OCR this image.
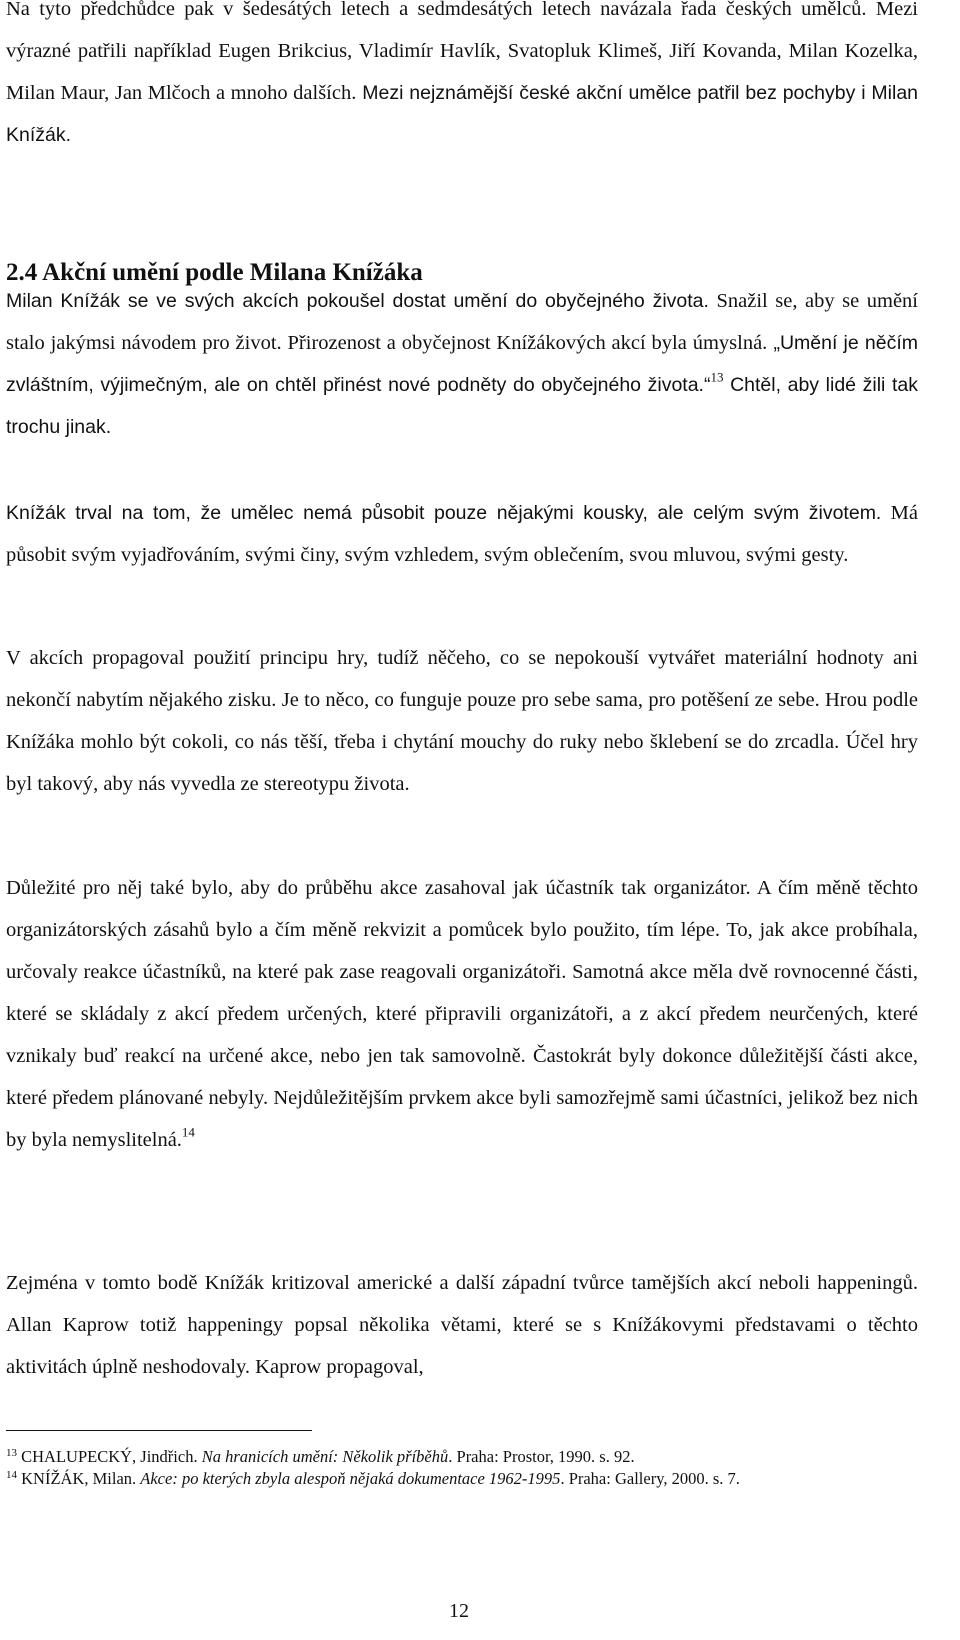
Na tyto předchůdce pak v šedesátých letech a sedmdesátých letech navázala řada českých umělců. Mezi výrazné patřili například Eugen Brikcius, Vladimír Havlík, Svatopluk Klimeš, Jiří Kovanda, Milan Kozelka, Milan Maur, Jan Mlčoch a mnoho dalších. Mezi nejznámější české akční umělce patřil bez pochyby i Milan Knížák.

2.4 Akční umění podle Milana Knížáka

Milan Knížák se ve svých akcích pokoušel dostat umění do obyčejného života. Snažil se, aby se umění stalo jakýmsi návodem pro život. Přirozenost a obyčejnost Knížákových akcí byla úmyslná. „Umění je něčím zvláštním, výjimečným, ale on chtěl přinést nové podněty do obyčejného života.“$^{13}$ Chtěl, aby lidé žili tak trochu jinak.

Knížák trval na tom, že umělec nemá působit pouze nějakými kousky, ale celým svým životem. Má působit svým vyjadřováním, svými činy, svým vzhledem, svým oblečením, svou mluvou, svými gesty.

V akcích propagoval použití principu hry, tudíž něčeho, co se nepokouší vytvářet materiální hodnoty ani nekončí nabytím nějakého zisku. Je to něco, co funguje pouze pro sebe sama, pro potěšení ze sebe. Hrou podle Knížáka mohlo být cokoli, co nás těší, třeba i chytání mouchy do ruky nebo šklebení se do zrcadla. Účel hry byl takový, aby nás vyvedla ze stereotypu života.

Důležité pro něj také bylo, aby do průběhu akce zasahoval jak účastník tak organizátor. A čím měně těchto organizátorských zásahů bylo a čím měně rekvizit a pomůcek bylo použito, tím lépe. To, jak akce probíhala, určovaly reakce účastníků, na které pak zase reagovali organizátoři. Samotná akce měla dvě rovnocenné části, které se skládaly z akcí předem určených, které připravili organizátoři, a z akcí předem neurčených, které vznikaly buď reakcí na určené akce, nebo jen tak samovolně. Častokrát byly dokonce důležitější části akce, které předem plánované nebyly. Nejdůležitějším prvkem akce byli samozřejmě sami účastníci, jelikož bez nich by byla nemyslitelná.$^{14}$

Zejména v tomto bodě Knížák kritizoval americké a další západní tvůrce tamějších akcí neboli happeningů. Allan Kaprow totiž happeningy popsal několika větami, které se s Knížákovymi představami o těchto aktivitách úplně neshodovaly. Kaprow propagoval,

$^{13}$ CHALUPECKÝ, Jindřich. Na hranicích umění: Několik příběhů. Praha: Prostor, 1990. s. 92.

$^{14}$ KNÍŽÁK, Milan. Akce: po kterých zbyla alespoň nějaká dokumentace 1962-1995. Praha: Gallery, 2000. s. 7.

12
